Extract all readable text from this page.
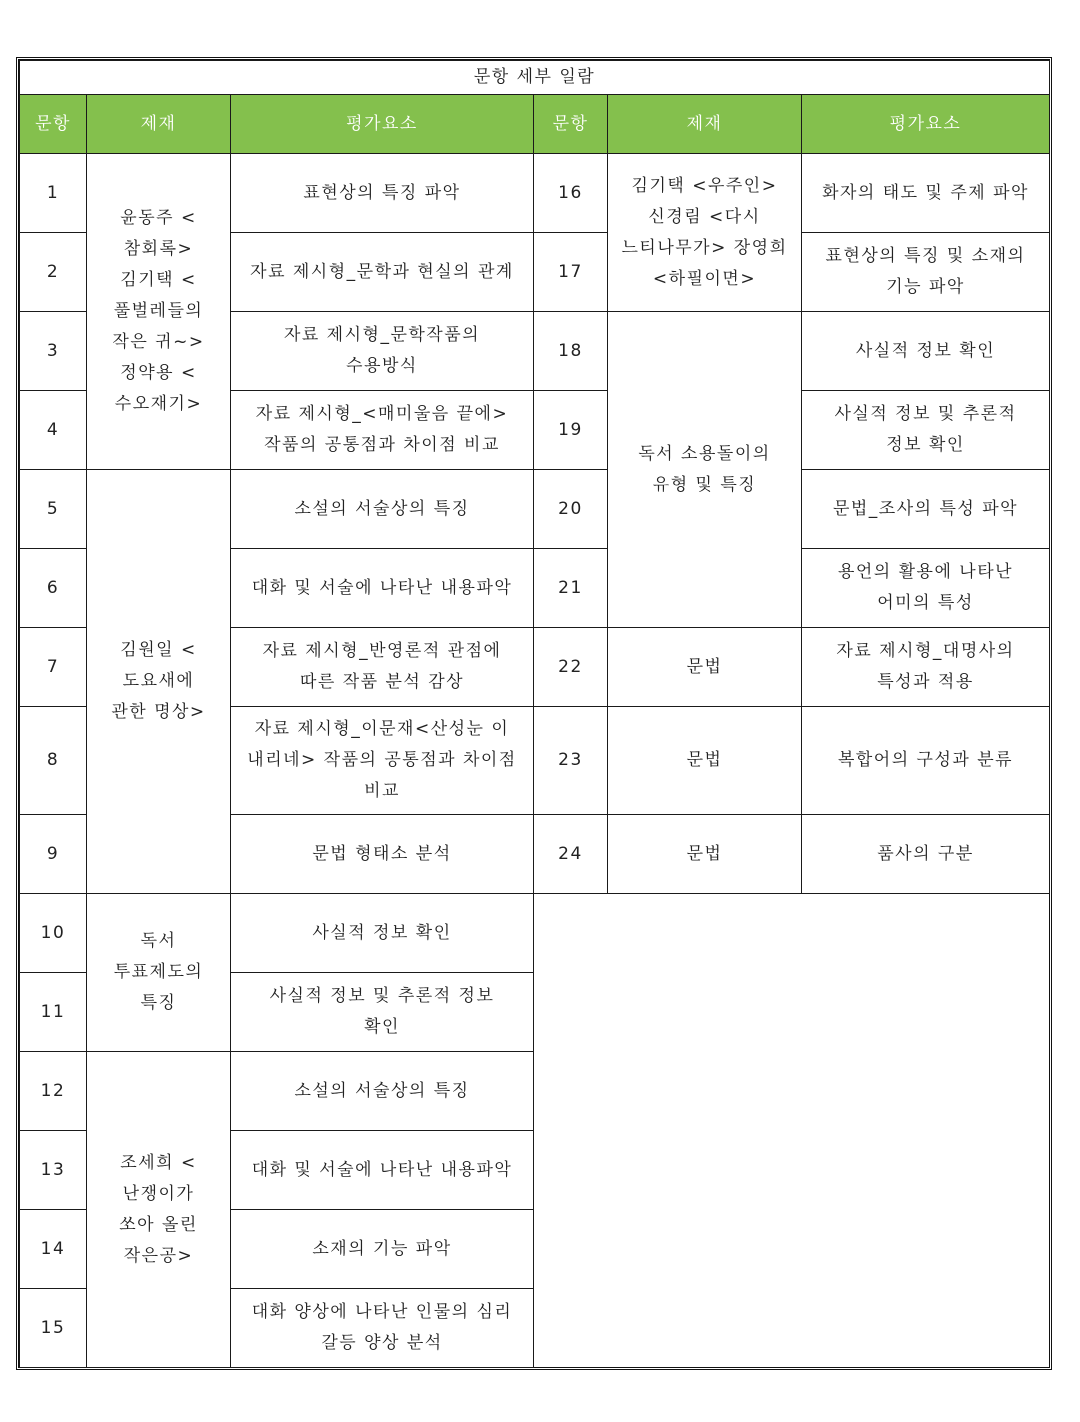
문항 세부 일람					
문항	제재	평가요소	문항	제재	평가요소
1	윤동주 <참회록> 김기택 <풀벌레들의 작은 귀~> 정약용 <수오재기>	표현상의 특징 파악	16	김기택 <우주인> 신경림 <다시 느티나무가> 장영희 <하필이면>	화자의 태도 및 주제 파악
2		자료 제시형_문학과 현실의 관계	17		표현상의 특징 및 소재의 기능 파악
3		자료 제시형_문학작품의 수용방식	18	독서 소용돌이의 유형 및 특징	사실적 정보 확인
4		자료 제시형_<매미울음 끝에> 작품의 공통점과 차이점 비교	19		사실적 정보 및 추론적 정보 확인
5	김원일 <도요새에 관한 명상>	소설의 서술상의 특징	20		문법_조사의 특성 파악
6		대화 및 서술에 나타난 내용파악	21		용언의 활용에 나타난 어미의 특성
7		자료 제시형_반영론적 관점에 따른 작품 분석 감상	22	문법	자료 제시형_대명사의 특성과 적용
8		자료 제시형_이문재<산성눈 이 내리네> 작품의 공통점과 차이점 비교	23	문법	복합어의 구성과 분류
9		문법 형태소 분석	24	문법	품사의 구분
10	독서 투표제도의 특징	사실적 정보 확인			
11		사실적 정보 및 추론적 정보 확인			
12	조세희 <난쟁이가 쏘아 올린 작은공>	소설의 서술상의 특징			
13		대화 및 서술에 나타난 내용파악			
14		소재의 기능 파악			
15		대화 양상에 나타난 인물의 심리 갈등 양상 분석			
